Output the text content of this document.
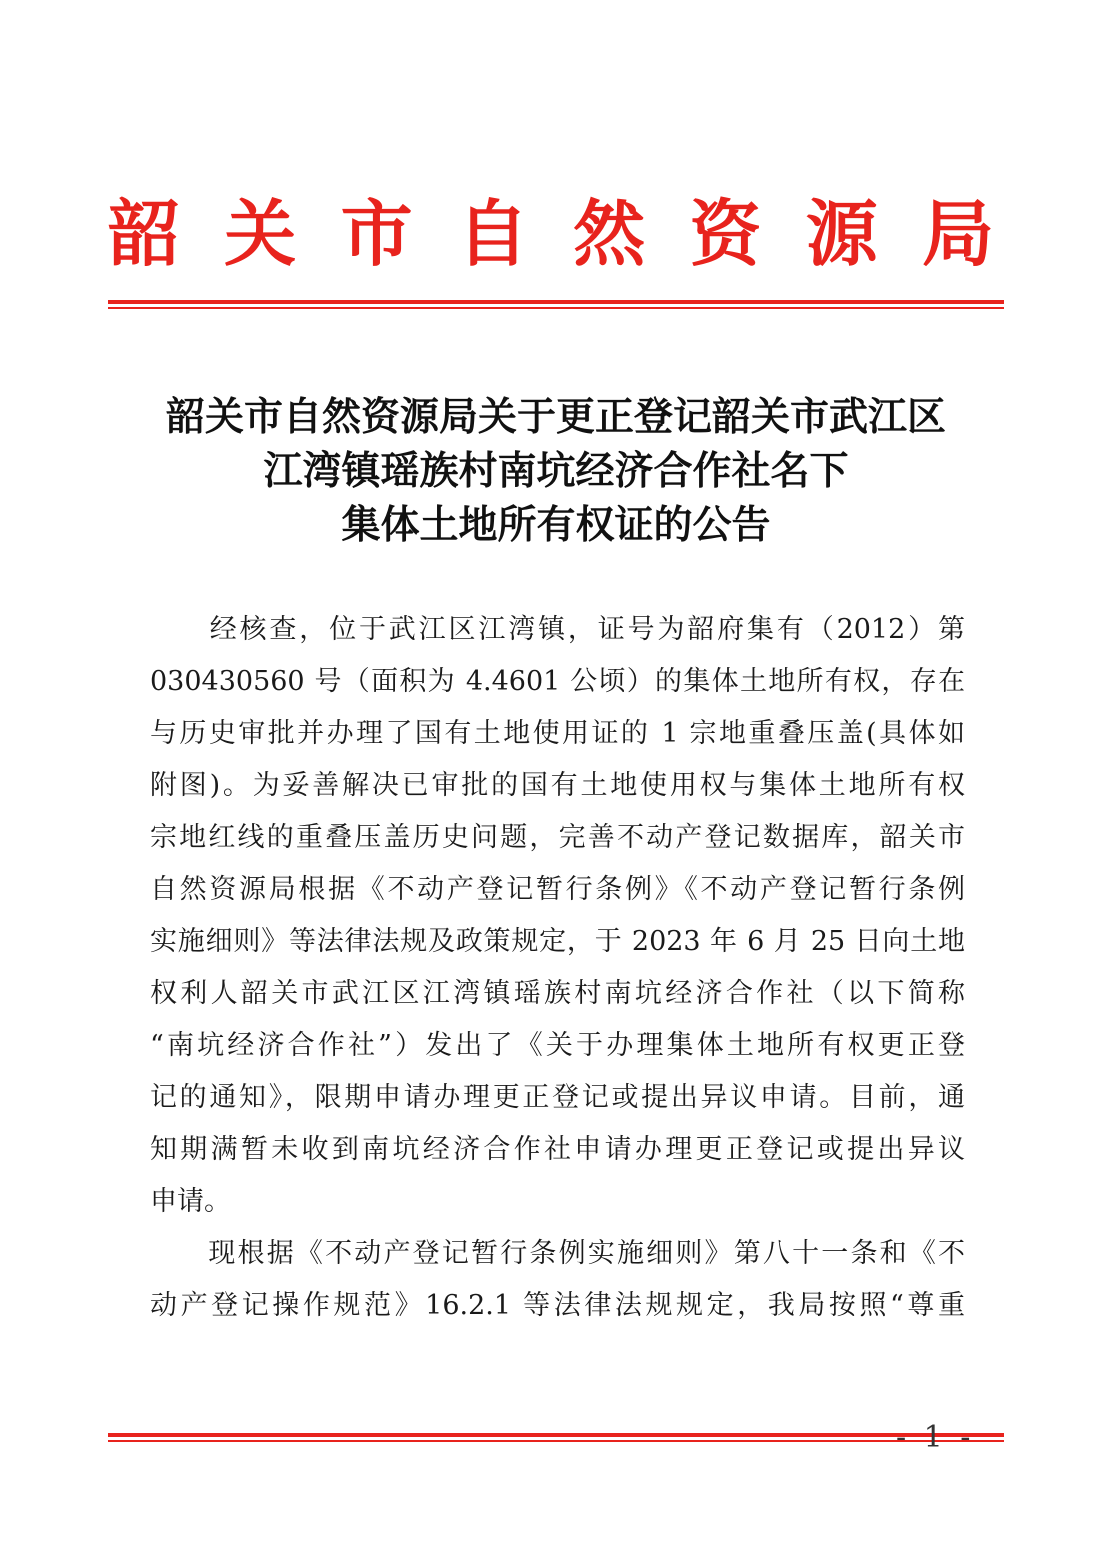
韶 关 市 自 然 资 源 局
韶关市自然资源局关于更正登记韶关市武江区
江湾镇瑶族村南坑经济合作社名下
集体土地所有权证的公告
　　经核查，位于武江区江湾镇，证号为韶府集有（2012）第
030430560 号（面积为 4.4601 公顷）的集体土地所有权，存在
与历史审批并办理了国有土地使用证的 1 宗地重叠压盖(具体如
附图)。为妥善解决已审批的国有土地使用权与集体土地所有权
宗地红线的重叠压盖历史问题，完善不动产登记数据库，韶关市
自然资源局根据《不动产登记暂行条例》《不动产登记暂行条例
实施细则》等法律法规及政策规定，于 2023 年 6 月 25 日向土地
权利人韶关市武江区江湾镇瑶族村南坑经济合作社（以下简称
“南坑经济合作社”）发出了《关于办理集体土地所有权更正登
记的通知》，限期申请办理更正登记或提出异议申请。目前，通
知期满暂未收到南坑经济合作社申请办理更正登记或提出异议
申请。
　　现根据《不动产登记暂行条例实施细则》第八十一条和《不
动产登记操作规范》16.2.1 等法律法规规定，我局按照“尊重
- 1 -
